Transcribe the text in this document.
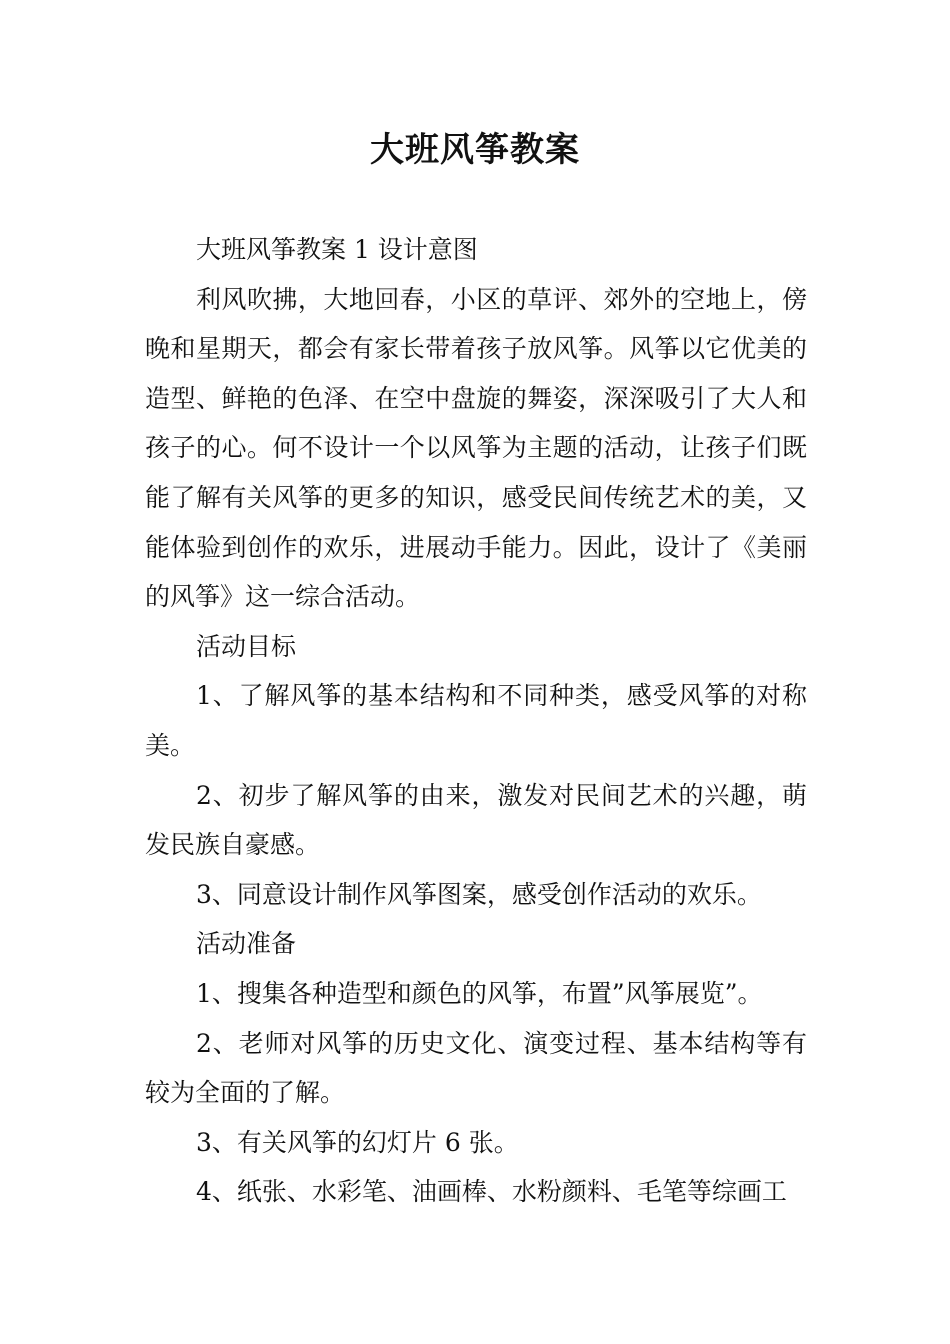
大班风筝教案

大班风筝教案 1 设计意图

利风吹拂，大地回春，小区的草评、郊外的空地上，傍晚和星期天，都会有家长带着孩子放风筝。风筝以它优美的造型、鲜艳的色泽、在空中盘旋的舞姿，深深吸引了大人和孩子的心。何不设计一个以风筝为主题的活动，让孩子们既能了解有关风筝的更多的知识，感受民间传统艺术的美，又能体验到创作的欢乐，进展动手能力。因此，设计了《美丽的风筝》这一综合活动。

活动目标

1、了解风筝的基本结构和不同种类，感受风筝的对称美。

2、初步了解风筝的由来，激发对民间艺术的兴趣，萌发民族自豪感。

3、同意设计制作风筝图案，感受创作活动的欢乐。

活动准备

1、搜集各种造型和颜色的风筝，布置”风筝展览”。

2、老师对风筝的历史文化、演变过程、基本结构等有较为全面的了解。

3、有关风筝的幻灯片 6 张。

4、纸张、水彩笔、油画棒、水粉颜料、毛笔等综画工
